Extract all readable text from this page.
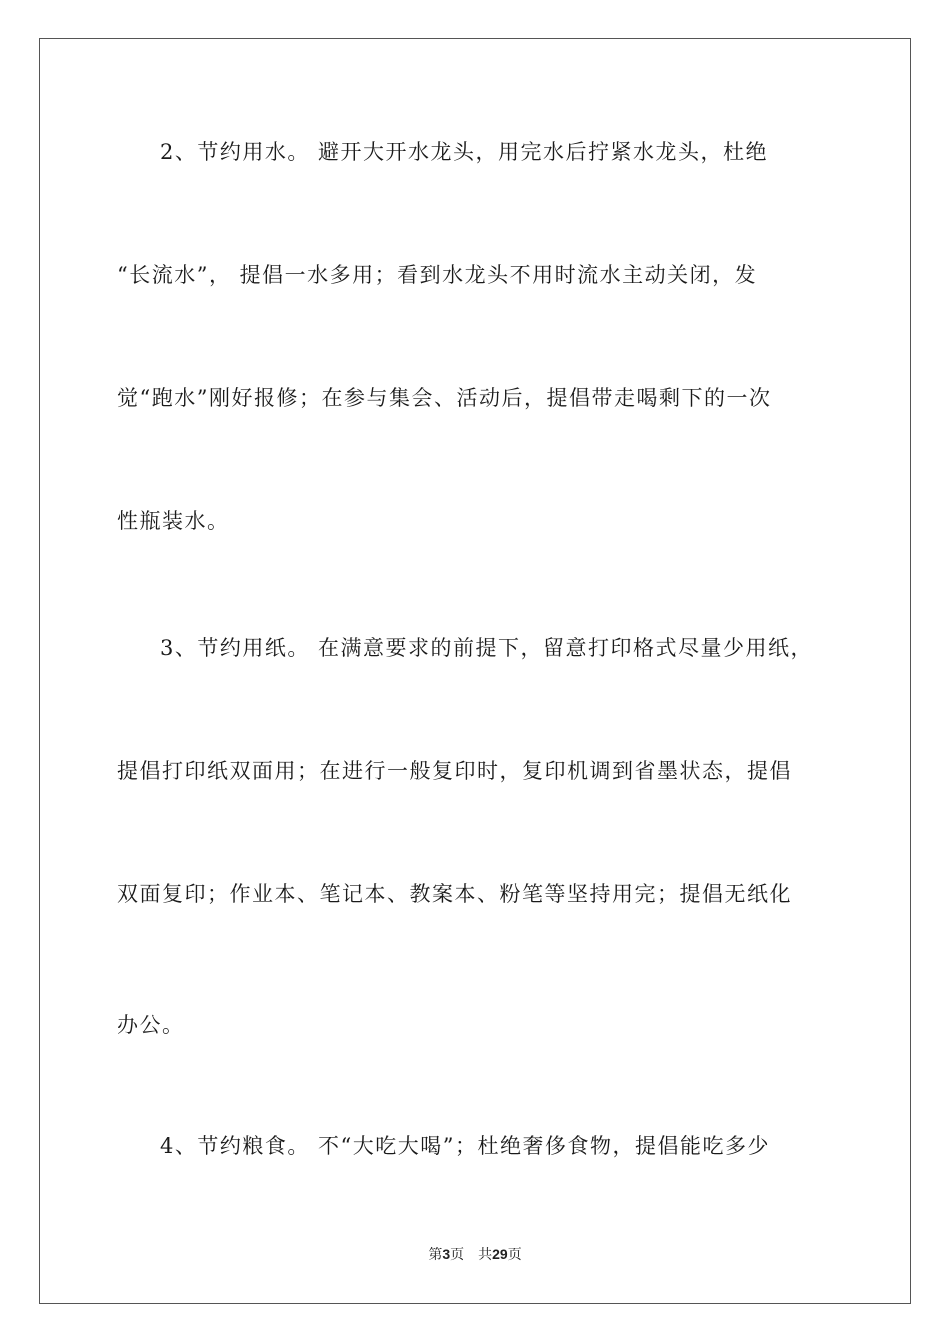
2、节约用水。 避开大开水龙头，用完水后拧紧水龙头，杜绝
“长流水”， 提倡一水多用；看到水龙头不用时流水主动关闭，发
觉“跑水”刚好报修；在参与集会、活动后，提倡带走喝剩下的一次
性瓶装水。
3、节约用纸。 在满意要求的前提下，留意打印格式尽量少用纸，
提倡打印纸双面用；在进行一般复印时，复印机调到省墨状态，提倡
双面复印；作业本、笔记本、教案本、粉笔等坚持用完；提倡无纸化
办公。
4、节约粮食。 不“大吃大喝”；杜绝奢侈食物，提倡能吃多少
第3页 共29页
